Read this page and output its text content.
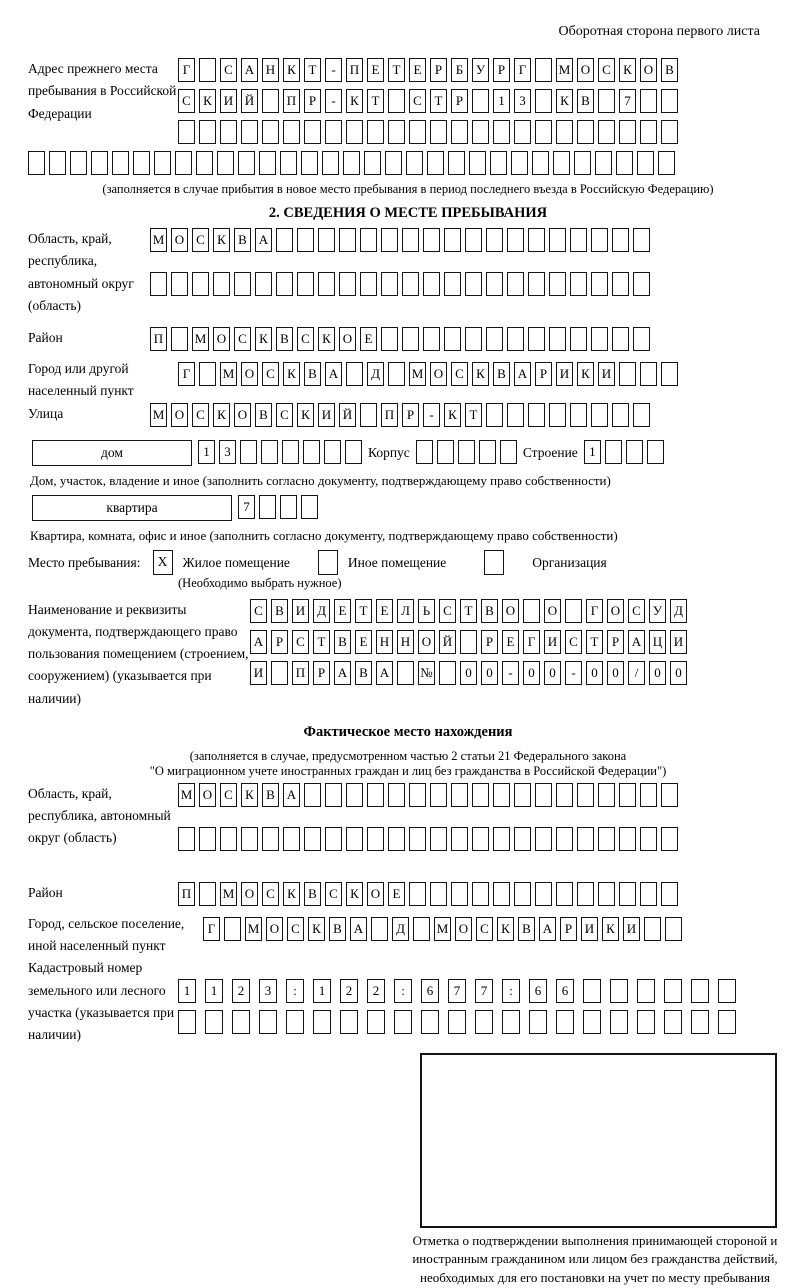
Оборотная сторона первого листа
Адрес прежнего места пребывания в Российской Федерации
Г	С А Н К Т - П Е Т Е Р Б У Р Г М О С К О В
С К И Й	П Р - К Т	С Т Р	1 3	К В	7
(заполняется в случае прибытия в новое место пребывания в период последнего въезда в Российскую Федерацию)
2. СВЕДЕНИЯ О МЕСТЕ ПРЕБЫВАНИЯ
Область, край, республика, автономный округ (область)
М О С К В А
Район	П М О С К В С К О Е
Город или другой населенный пункт
Г М О С К В А	Д М О С К В А Р И К И
Улица	М О С К О В С К И Й	П Р - К Т
дом	1 3	Корпус	Строение 1
Дом, участок, владение и иное (заполнить согласно документу, подтверждающему право собственности)
квартира	7
Квартира, комната, офис и иное (заполнить согласно документу, подтверждающему право собственности)
Место пребывания: X Жилое помещение	Иное помещение	Организация
(Необходимо выбрать нужное)
Наименование и реквизиты документа, подтверждающего право пользования помещением (строением, сооружением) (указывается при наличии)
С В И Д Е Т Е Л Ь С Т В О	О	Г О С У Д
А Р С Т В Е Н Н О Й	Р Е Г И С Т Р А Ц И
И	П Р А В А №	0 0 - 0 0 - 0 0 / 0 0
Фактическое место нахождения
(заполняется в случае, предусмотренном частью 2 статьи 21 Федерального закона
"О миграционном учете иностранных граждан и лиц без гражданства в Российской Федерации")
Область, край, республика, автономный округ (область)
М О С К В А
Район	П М О С К В С К О Е
Город, сельское поселение, иной населенный пункт
Г М О С К В А	Д М О С К В А Р И К И
Кадастровый номер земельного или лесного участка (указывается при наличии)
1 1 2 3 : 1 2 2 : 6 7 7 : 6 6
Отметка о подтверждении выполнения принимающей стороной и иностранным гражданином или лицом без гражданства действий, необходимых для его постановки на учет по месту пребывания
